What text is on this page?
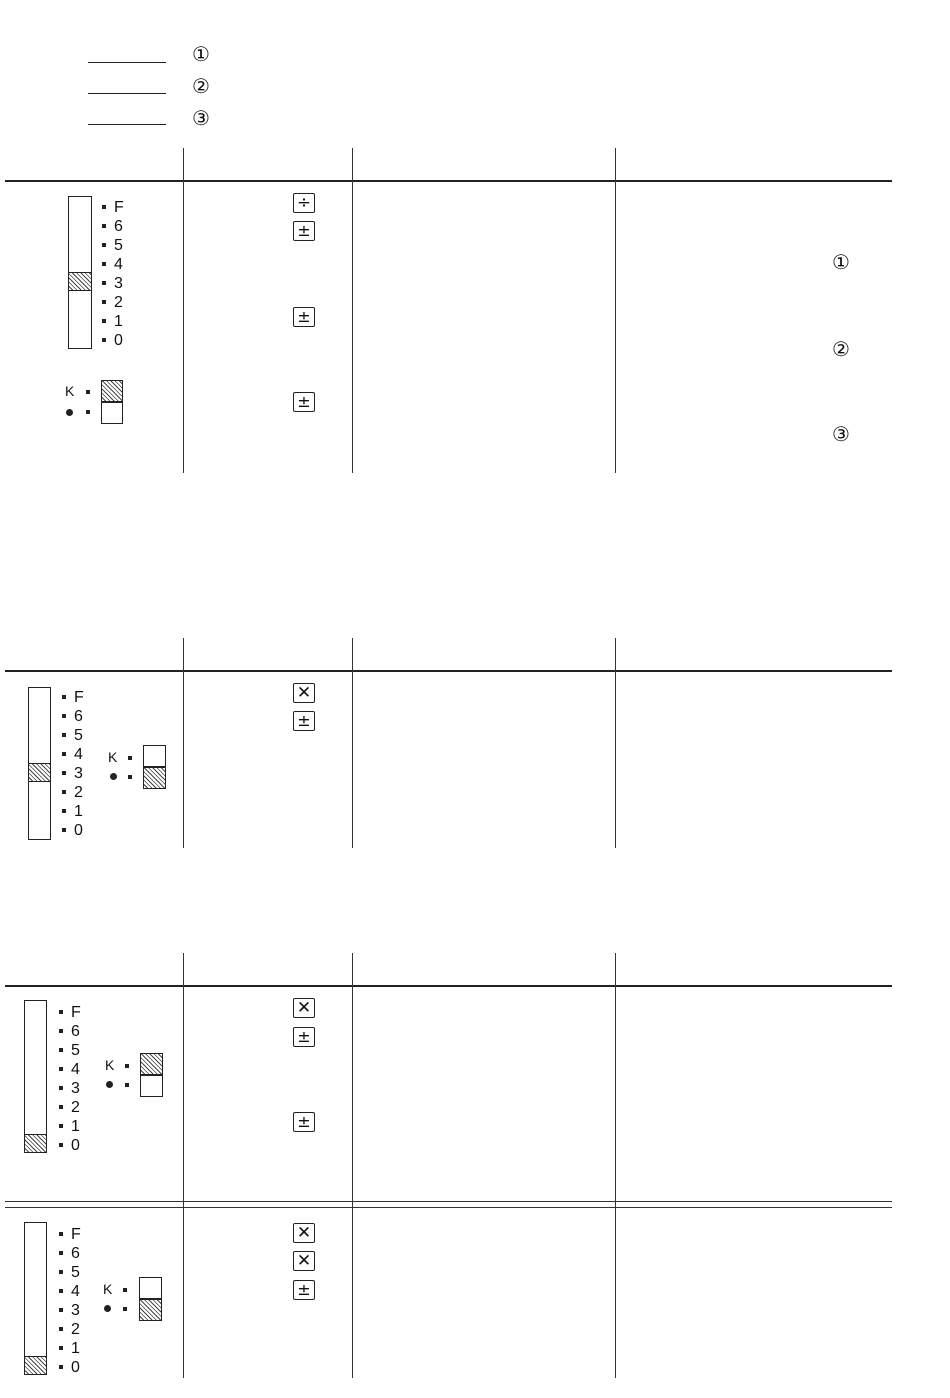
①
②
③
F
6
5
4
3
2
1
0
K
÷
±
±
±
①
②
③
F
6
5
4
3
2
1
0
K
✕
±
F
6
5
4
3
2
1
0
K
✕
±
±
F
6
5
4
3
2
1
0
K
✕
✕
±
